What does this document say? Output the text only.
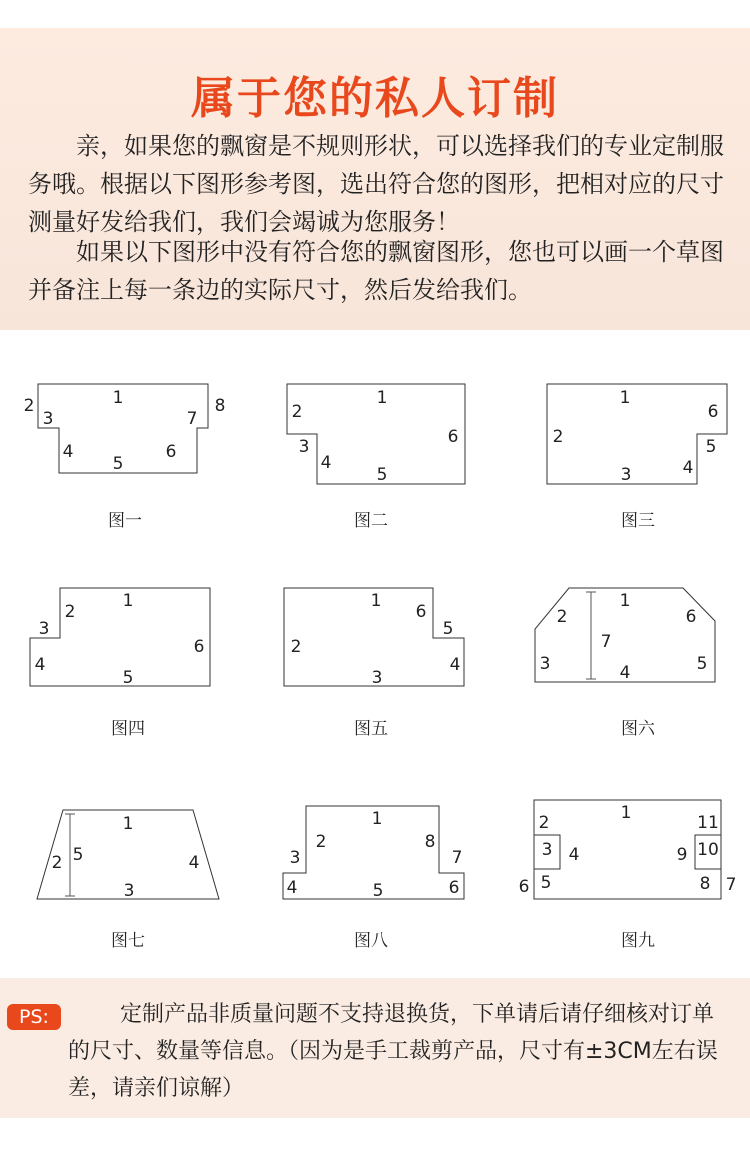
属于您的私人订制
亲，如果您的飘窗是不规则形状，可以选择我们的专业定制服务哦。根据以下图形参考图，选出符合您的图形，把相对应的尺寸测量好发给我们，我们会竭诚为您服务！
如果以下图形中没有符合您的飘窗图形，您也可以画一个草图并备注上每一条边的实际尺寸，然后发给我们。
1
2
3
4
5
6
7
8
图一
1
2
3
4
5
6
图二
1
2
3	4
5
6
图三
1
2
3
4
5
6
图四
1
2
3
4
5
6
图五
1
2
3	4	5
6
7
图六
1
2
3
4
5
图七
1
2
3
4	5	6
7
8
图八
1
2
3 4
5
6	7
8
9 10
11
图九
PS:	定制产品非质量问题不支持退换货，下单请后请仔细核对订单的尺寸、数量等信息。（因为是手工裁剪产品，尺寸有±3CM左右误差，请亲们谅解）
